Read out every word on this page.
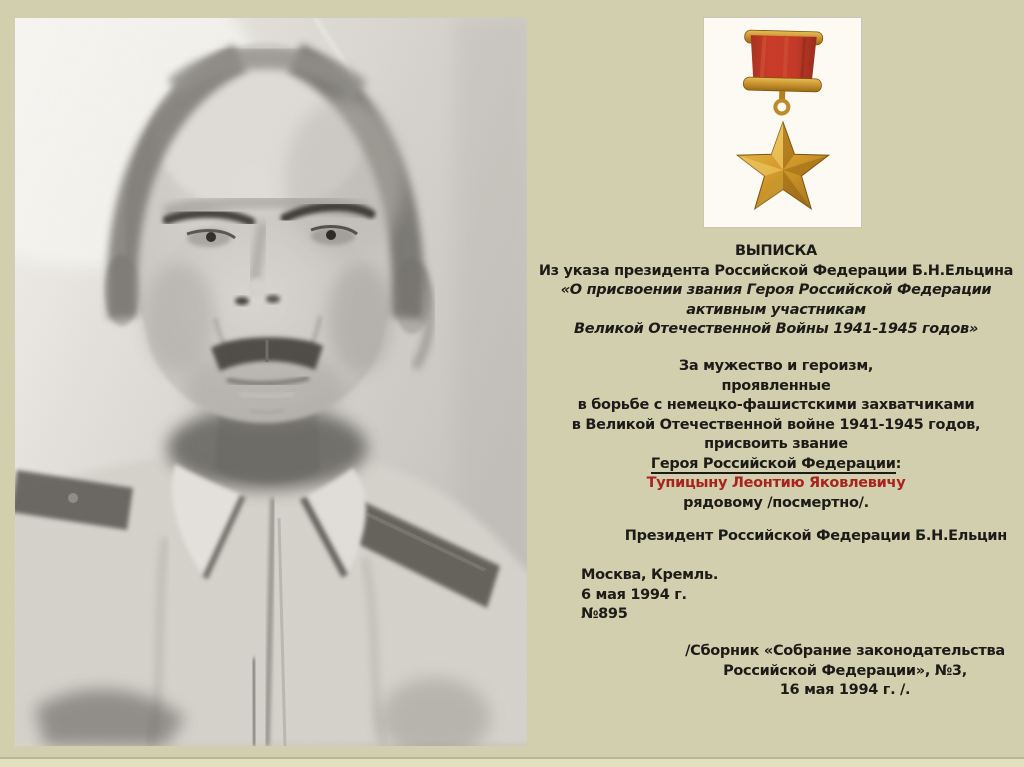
ВЫПИСКА
Из указа президента Российской Федерации Б.Н.Ельцина
«О присвоении звания Героя Российской Федерации
активным участникам
Великой Отечественной Войны 1941-1945 годов»
За мужество и героизм,
проявленные
в борьбе с немецко-фашистскими захватчиками
в Великой Отечественной войне 1941-1945 годов,
присвоить звание
Героя Российской Федерации:
Тупицыну Леонтию Яковлевичу
рядовому /посмертно/.
Президент Российской Федерации Б.Н.Ельцин
Москва, Кремль.
6 мая 1994 г.
№895
/Сборник «Собрание законодательства
Российской Федерации», №3,
16 мая 1994 г. /.
